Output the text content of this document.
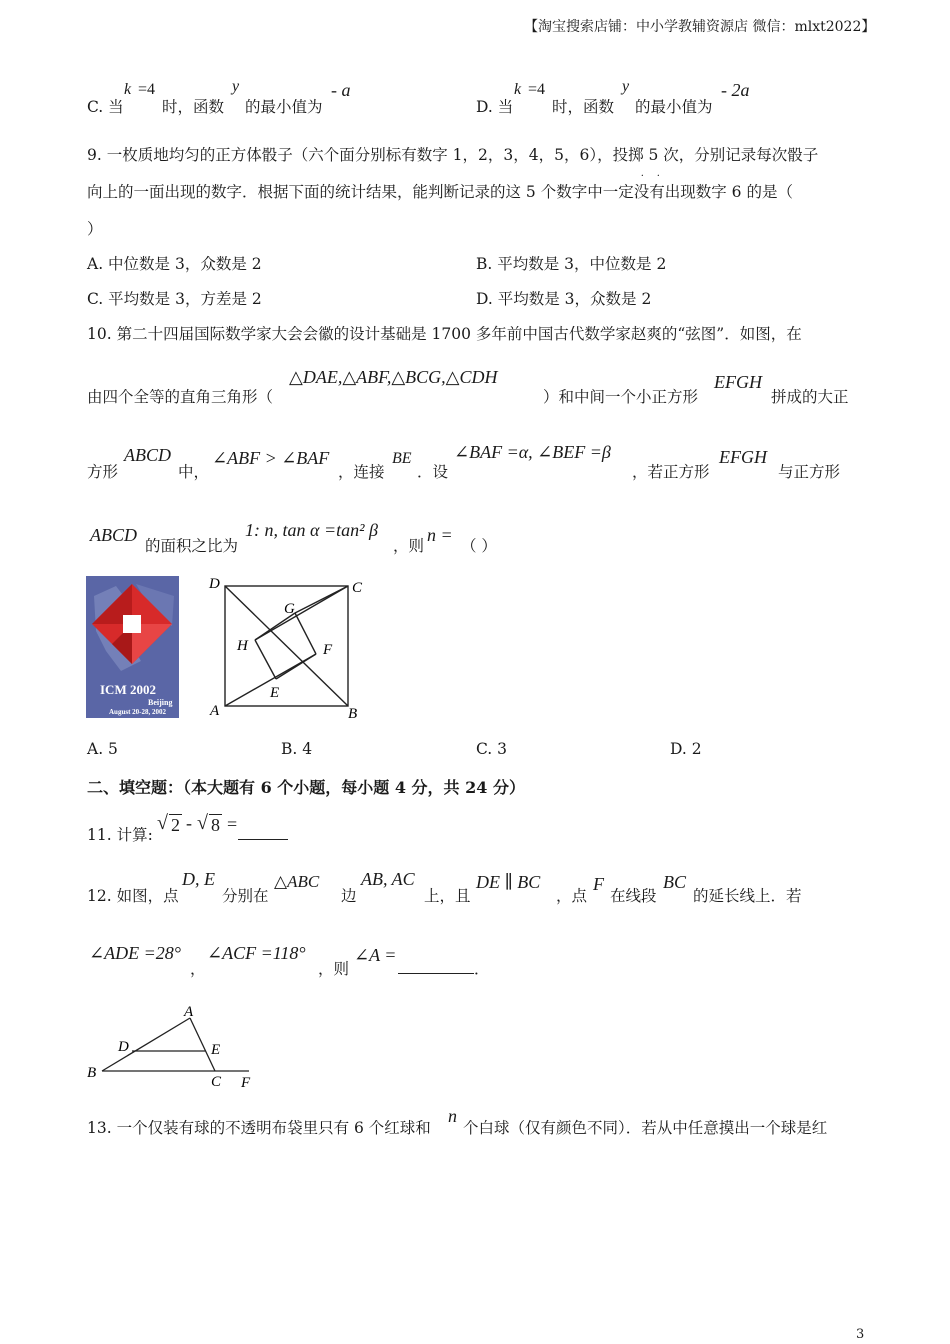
【淘宝搜索店铺：中小学教辅资源店 微信：mlxt2022】
C. 当
k =4
时，函数
y
的最小值为
- a
D. 当
k =4
时，函数
y
的最小值为
- 2a
9. 一枚质地均匀的正方体骰子（六个面分别标有数字 1，2，3，4，5，6），投掷 5 次，分别记录每次骰子
向上的一面出现的数字．根据下面的统计结果，能判断记录的这 5 个数字中一定没有
· ·
出现数字 6 的是（
）
A. 中位数是 3，众数是 2	B. 平均数是 3，中位数是 2
C. 平均数是 3，方差是 2	D. 平均数是 3，众数是 2
10. 第二十四届国际数学家大会会徽的设计基础是 1700 多年前中国古代数学家赵爽的“弦图”．如图，在
由四个全等的直角三角形（
△DAE,△ABF,△BCG,△CDH
）和中间一个小正方形
EFGH
拼成的大正
方形
ABCD
中，
∠ABF > ∠BAF
，连接
BE
．设
∠BAF =α, ∠BEF =β
，若正方形
EFGH
与正方形
ABCD
的面积之比为
1: n, tan α =tan² β
，则
n =
（ ）
ICM 2002
Beijing
August 20-28, 2002
D	C
A	B
G
H	F
E
A. 5	B. 4	C. 3	D. 2
二、填空题：（本大题有 6 个小题，每小题 4 分，共 24 分）
11. 计算:
√ 2 - √ 8 =
12. 如图，点
D, E
分别在
△ABC
边
AB, AC
上，且
DE ∥ BC
，点
F
在线段
BC
的延长线上．若
∠ADE =28°
，
∠ACF =118°
，则
∠A =
．
A
D	E
B
C F
13. 一个仅装有球的不透明布袋里只有 6 个红球和
n
个白球（仅有颜色不同）．若从中任意摸出一个球是红
3
